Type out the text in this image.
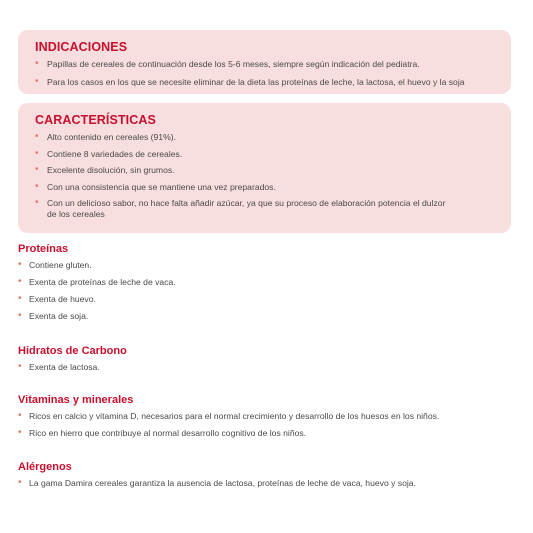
INDICACIONES
• Papillas de cereales de continuación desde los 5-6 meses, siempre según indicación del pediatra.
• Para los casos en los que se necesite eliminar de la dieta las proteínas de leche, la lactosa, el huevo y la soja
CARACTERÍSTICAS
• Alto contenido en cereales (91%).
• Contiene 8 variedades de cereales.
• Excelente disolución, sin grumos.
• Con una consistencia que se mantiene una vez preparados.
• Con un delicioso sabor, no hace falta añadir azúcar, ya que su proceso de elaboración potencia el dulzor de los cereales
Proteínas
• Contiene gluten.
• Exenta de proteínas de leche de vaca.
• Exenta de huevo.
• Exenta de soja.
Hidratos de Carbono
• Exenta de lactosa.
Vitaminas y minerales
• Ricos en calcio y vitamina D, necesarios para el normal crecimiento y desarrollo de los huesos en los niños.
• Rico en hierro que contribuye al normal desarrollo cognitivo de los niños.
Alérgenos
• La gama Damira cereales garantiza la ausencia de lactosa, proteínas de leche de vaca, huevo y soja.
